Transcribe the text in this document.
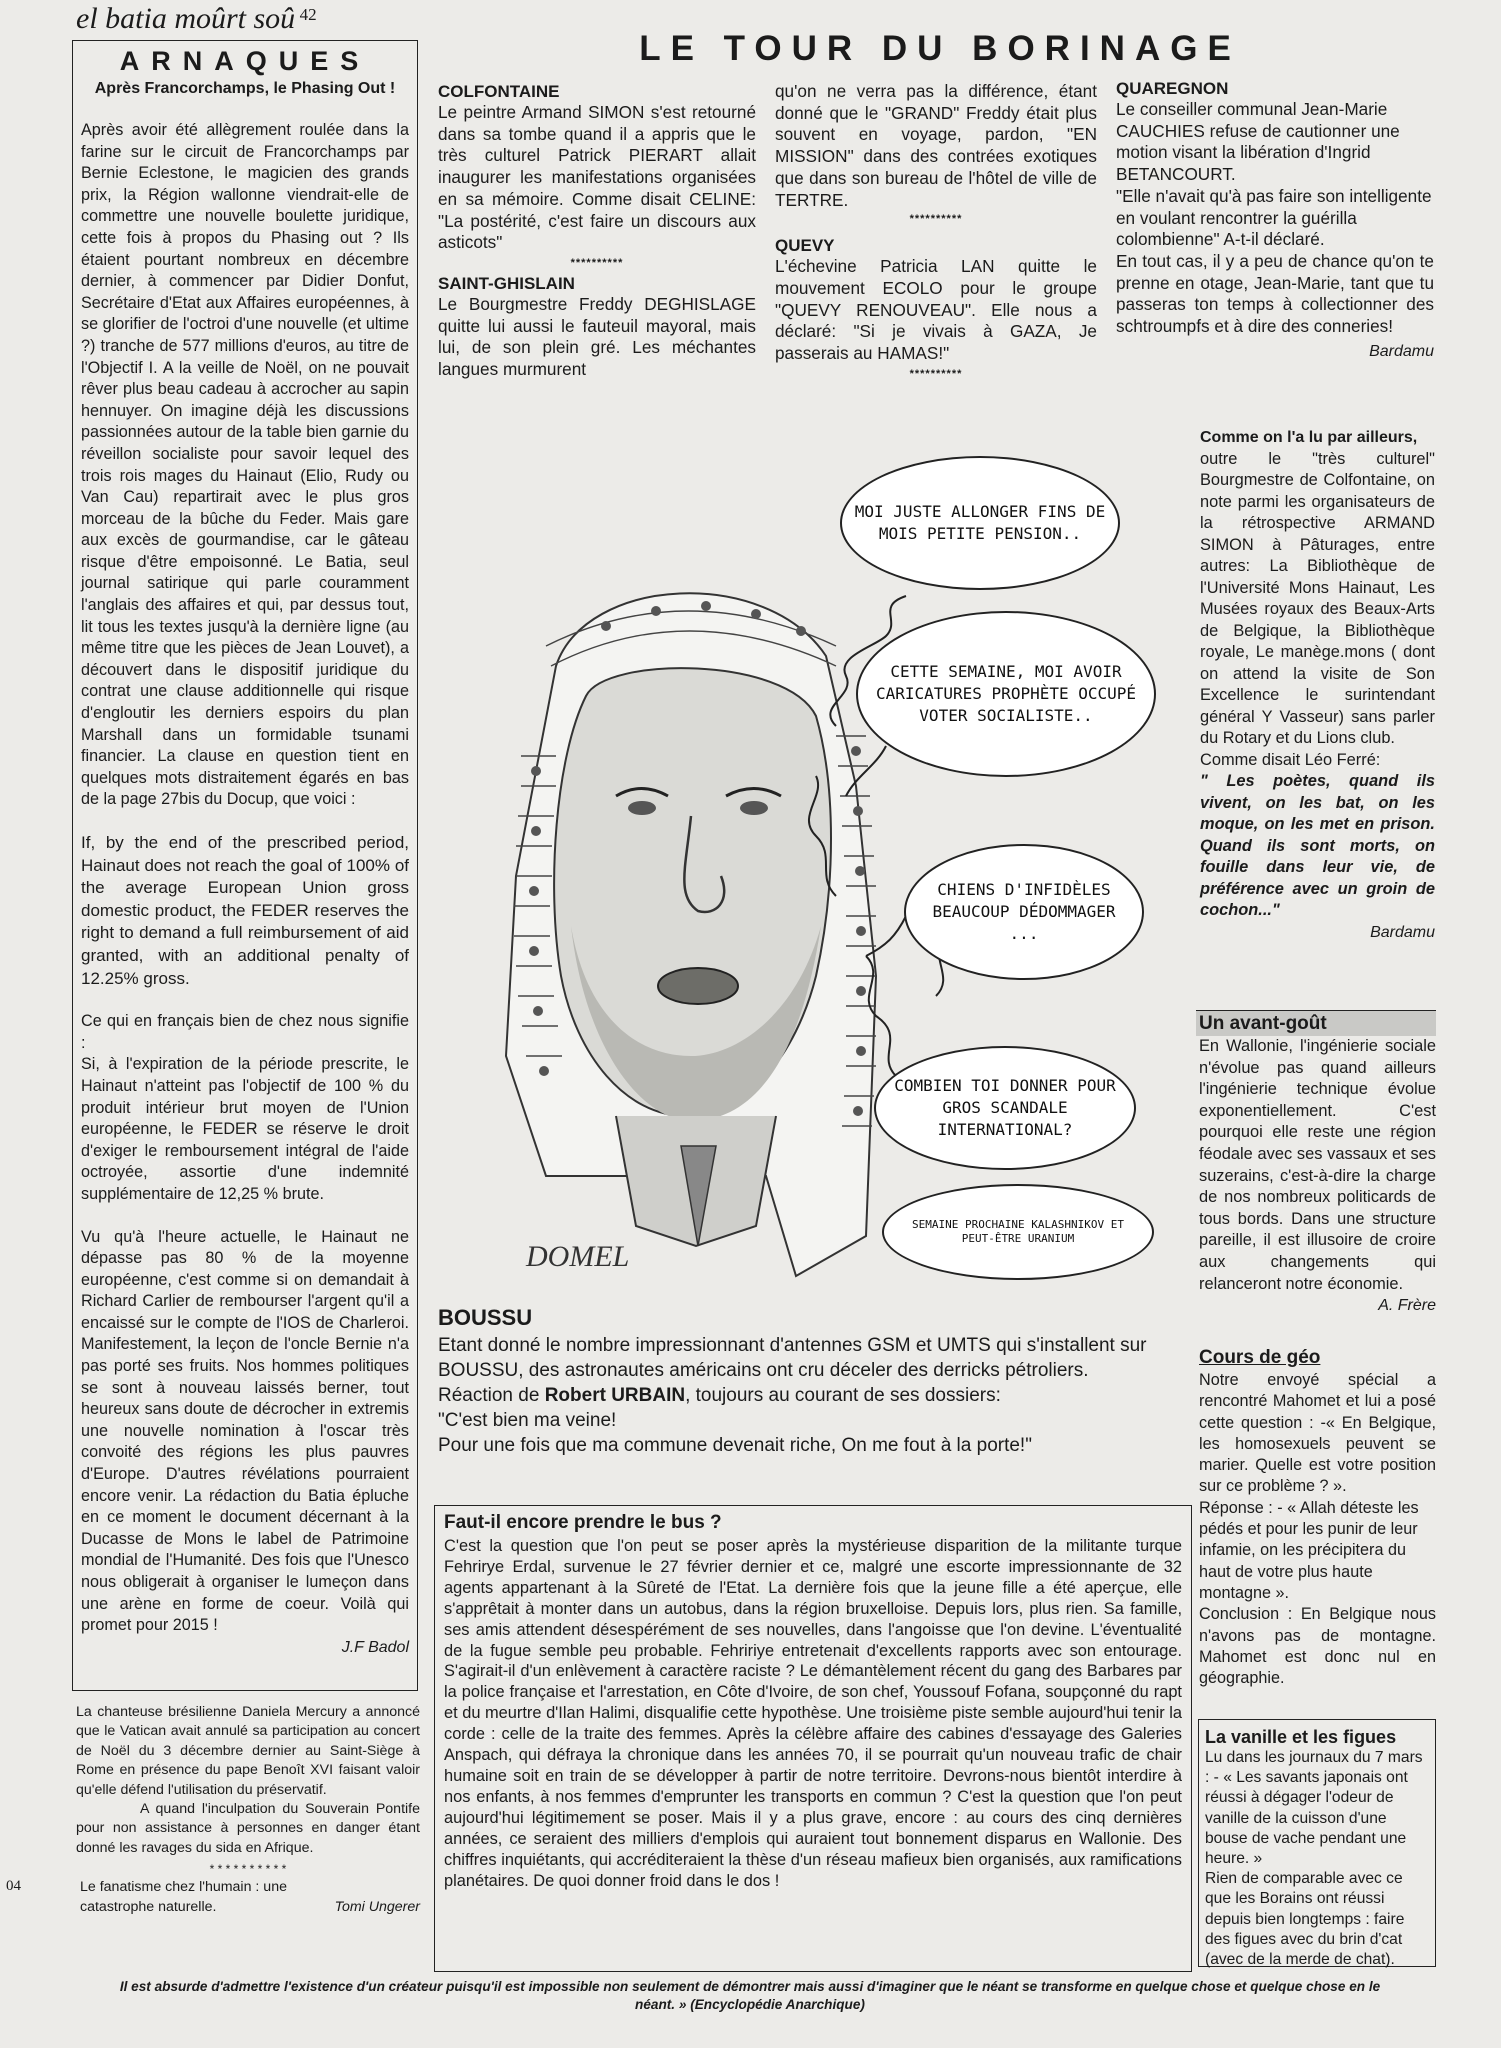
el batia moûrt soû 42
LE TOUR DU BORINAGE
ARNAQUES
Après Francorchamps, le Phasing Out !

Après avoir été allègrement roulée dans la farine sur le circuit de Francorchamps par Bernie Eclestone, le magicien des grands prix, la Région wallonne viendrait-elle de commettre une nouvelle boulette juridique, cette fois à propos du Phasing out ? Ils étaient pourtant nombreux en décembre dernier, à commencer par Didier Donfut, Secrétaire d'Etat aux Affaires européennes, à se glorifier de l'octroi d'une nouvelle (et ultime ?) tranche de 577 millions d'euros, au titre de l'Objectif I. A la veille de Noël, on ne pouvait rêver plus beau cadeau à accrocher au sapin hennuyer. On imagine déjà les discussions passionnées autour de la table bien garnie du réveillon socialiste pour savoir lequel des trois rois mages du Hainaut (Elio, Rudy ou Van Cau) repartirait avec le plus gros morceau de la bûche du Feder. Mais gare aux excès de gourmandise, car le gâteau risque d'être empoisonné. Le Batia, seul journal satirique qui parle couramment l'anglais des affaires et qui, par dessus tout, lit tous les textes jusqu'à la dernière ligne (au même titre que les pièces de Jean Louvet), a découvert dans le dispositif juridique du contrat une clause additionnelle qui risque d'engloutir les derniers espoirs du plan Marshall dans un formidable tsunami financier. La clause en question tient en quelques mots distraitement égarés en bas de la page 27bis du Docup, que voici :

If, by the end of the prescribed period, Hainaut does not reach the goal of 100% of the average European Union gross domestic product, the FEDER reserves the right to demand a full reimbursement of aid granted, with an additional penalty of 12.25% gross.

Ce qui en français bien de chez nous signifie :

Si, à l'expiration de la période prescrite, le Hainaut n'atteint pas l'objectif de 100 % du produit intérieur brut moyen de l'Union européenne, le FEDER se réserve le droit d'exiger le remboursement intégral de l'aide octroyée, assortie d'une indemnité supplémentaire de 12,25 % brute.

Vu qu'à l'heure actuelle, le Hainaut ne dépasse pas 80 % de la moyenne européenne, c'est comme si on demandait à Richard Carlier de rembourser l'argent qu'il a encaissé sur le compte de l'IOS de Charleroi. Manifestement, la leçon de l'oncle Bernie n'a pas porté ses fruits. Nos hommes politiques se sont à nouveau laissés berner, tout heureux sans doute de décrocher in extremis une nouvelle nomination à l'oscar très convoité des régions les plus pauvres d'Europe. D'autres révélations pourraient encore venir. La rédaction du Batia épluche en ce moment le document décernant à la Ducasse de Mons le label de Patrimoine mondial de l'Humanité. Des fois que l'Unesco nous obligerait à organiser le lumeçon dans une arène en forme de coeur. Voilà qui promet pour 2015 !

J.F Badol

La chanteuse brésilienne Daniela Mercury a annoncé que le Vatican avait annulé sa participation au concert de Noël du 3 décembre dernier au Saint-Siège à Rome en présence du pape Benoît XVI faisant valoir qu'elle défend l'utilisation du préservatif.

A quand l'inculpation du Souverain Pontife pour non assistance à personnes en danger étant donné les ravages du sida en Afrique.

* * * * * * * * * *
Le fanatisme chez l'humain : une catastrophe naturelle.	Tomi Ungerer
04
COLFONTAINE

Le peintre Armand SIMON s'est retourné dans sa tombe quand il a appris que le très culturel Patrick PIERART allait inaugurer les manifestations organisées en sa mémoire. Comme disait CELINE: "La postérité, c'est faire un discours aux asticots"

**********
SAINT-GHISLAIN

Le Bourgmestre Freddy DEGHISLAGE quitte lui aussi le fauteuil mayoral, mais lui, de son plein gré. Les méchantes langues murmurent

qu'on ne verra pas la différence, étant donné que le "GRAND" Freddy était plus souvent en voyage, pardon, "EN MISSION" dans des contrées exotiques que dans son bureau de l'hôtel de ville de TERTRE.

**********
QUEVY

L'échevine Patricia LAN quitte le mouvement ECOLO pour le groupe "QUEVY RENOUVEAU". Elle nous a déclaré: "Si je vivais à GAZA, Je passerais au HAMAS!"

**********
QUAREGNON

Le conseiller communal Jean-Marie CAUCHIES refuse de cautionner une motion visant la libération d'Ingrid BETANCOURT.

"Elle n'avait qu'à pas faire son intelligente en voulant rencontrer la guérilla colombienne" A-t-il déclaré.

En tout cas, il y a peu de chance qu'on te prenne en otage, Jean-Marie, tant que tu passeras ton temps à collectionner des schtroumpfs et à dire des conneries!

Bardamu
DOMEL
MOI JUSTE ALLONGER FINS DE MOIS PETITE PENSION..
CETTE SEMAINE, MOI AVOIR CARICATURES PROPHÈTE OCCUPÉ VOTER SOCIALISTE..
CHIENS D'INFIDÈLES BEAUCOUP DÉDOMMAGER ...
COMBIEN TOI DONNER POUR GROS SCANDALE INTERNATIONAL?
SEMAINE PROCHAINE KALASHNIKOV ET PEUT-ÊTRE URANIUM
Comme on l'a lu par ailleurs,

outre le "très culturel" Bourgmestre de Colfontaine, on note parmi les organisateurs de la rétrospective ARMAND SIMON à Pâturages, entre autres: La Bibliothèque de l'Université Mons Hainaut, Les Musées royaux des Beaux-Arts de Belgique, la Bibliothèque royale, Le manège.mons ( dont on attend la visite de Son Excellence le surintendant général Y Vasseur) sans parler du Rotary et du Lions club.

Comme disait Léo Ferré:

" Les poètes, quand ils vivent, on les bat, on les moque, on les met en prison. Quand ils sont morts, on fouille dans leur vie, de préférence avec un groin de cochon..."

Bardamu
Un avant-goût

En Wallonie, l'ingénierie sociale n'évolue pas quand ailleurs l'ingénierie technique évolue exponentiellement. C'est pourquoi elle reste une région féodale avec ses vassaux et ses suzerains, c'est-à-dire la charge de nos nombreux politicards de tous bords. Dans une structure pareille, il est illusoire de croire aux changements qui relanceront notre économie.

A. Frère
Cours de géo

Notre envoyé spécial a rencontré Mahomet et lui a posé cette question : -« En Belgique, les homosexuels peuvent se marier. Quelle est votre position sur ce problème ? ».

Réponse : - « Allah déteste les pédés et pour les punir de leur infamie, on les précipitera du haut de votre plus haute montagne ».

Conclusion : En Belgique nous n'avons pas de montagne. Mahomet est donc nul en géographie.

La vanille et les figues

Lu dans les journaux du 7 mars : - « Les savants japonais ont réussi à dégager l'odeur de vanille de la cuisson d'une bouse de vache pendant une heure. »

Rien de comparable avec ce que les Borains ont réussi depuis bien longtemps : faire des figues avec du brin d'cat (avec de la merde de chat).

BOUSSU

Etant donné le nombre impressionnant d'antennes GSM et UMTS qui s'installent sur BOUSSU, des astronautes américains ont cru déceler des derricks pétroliers.

Réaction de Robert URBAIN, toujours au courant de ses dossiers:

"C'est bien ma veine!

Pour une fois que ma commune devenait riche, On me fout à la porte!"

Faut-il encore prendre le bus ?

C'est la question que l'on peut se poser après la mystérieuse disparition de la militante turque Fehrirye Erdal, survenue le 27 février dernier et ce, malgré une escorte impressionnante de 32 agents appartenant à la Sûreté de l'Etat. La dernière fois que la jeune fille a été aperçue, elle s'apprêtait à monter dans un autobus, dans la région bruxelloise. Depuis lors, plus rien. Sa famille, ses amis attendent désespérément de ses nouvelles, dans l'angoisse que l'on devine. L'éventualité de la fugue semble peu probable. Fehririye entretenait d'excellents rapports avec son entourage. S'agirait-il d'un enlèvement à caractère raciste ? Le démantèlement récent du gang des Barbares par la police française et l'arrestation, en Côte d'Ivoire, de son chef, Youssouf Fofana, soupçonné du rapt et du meurtre d'Ilan Halimi, disqualifie cette hypothèse. Une troisième piste semble aujourd'hui tenir la corde : celle de la traite des femmes. Après la célèbre affaire des cabines d'essayage des Galeries Anspach, qui défraya la chronique dans les années 70, il se pourrait qu'un nouveau trafic de chair humaine soit en train de se développer à partir de notre territoire. Devrons-nous bientôt interdire à nos enfants, à nos femmes d'emprunter les transports en commun ? C'est la question que l'on peut aujourd'hui légitimement se poser. Mais il y a plus grave, encore : au cours des cinq dernières années, ce seraient des milliers d'emplois qui auraient tout bonnement disparus en Wallonie. Des chiffres inquiétants, qui accréditeraient la thèse d'un réseau mafieux bien organisés, aux ramifications planétaires. De quoi donner froid dans le dos !

Il est absurde d'admettre l'existence d'un créateur puisqu'il est impossible non seulement de démontrer mais aussi d'imaginer que le néant se transforme en quelque chose et quelque chose en le néant. » (Encyclopédie Anarchique)
